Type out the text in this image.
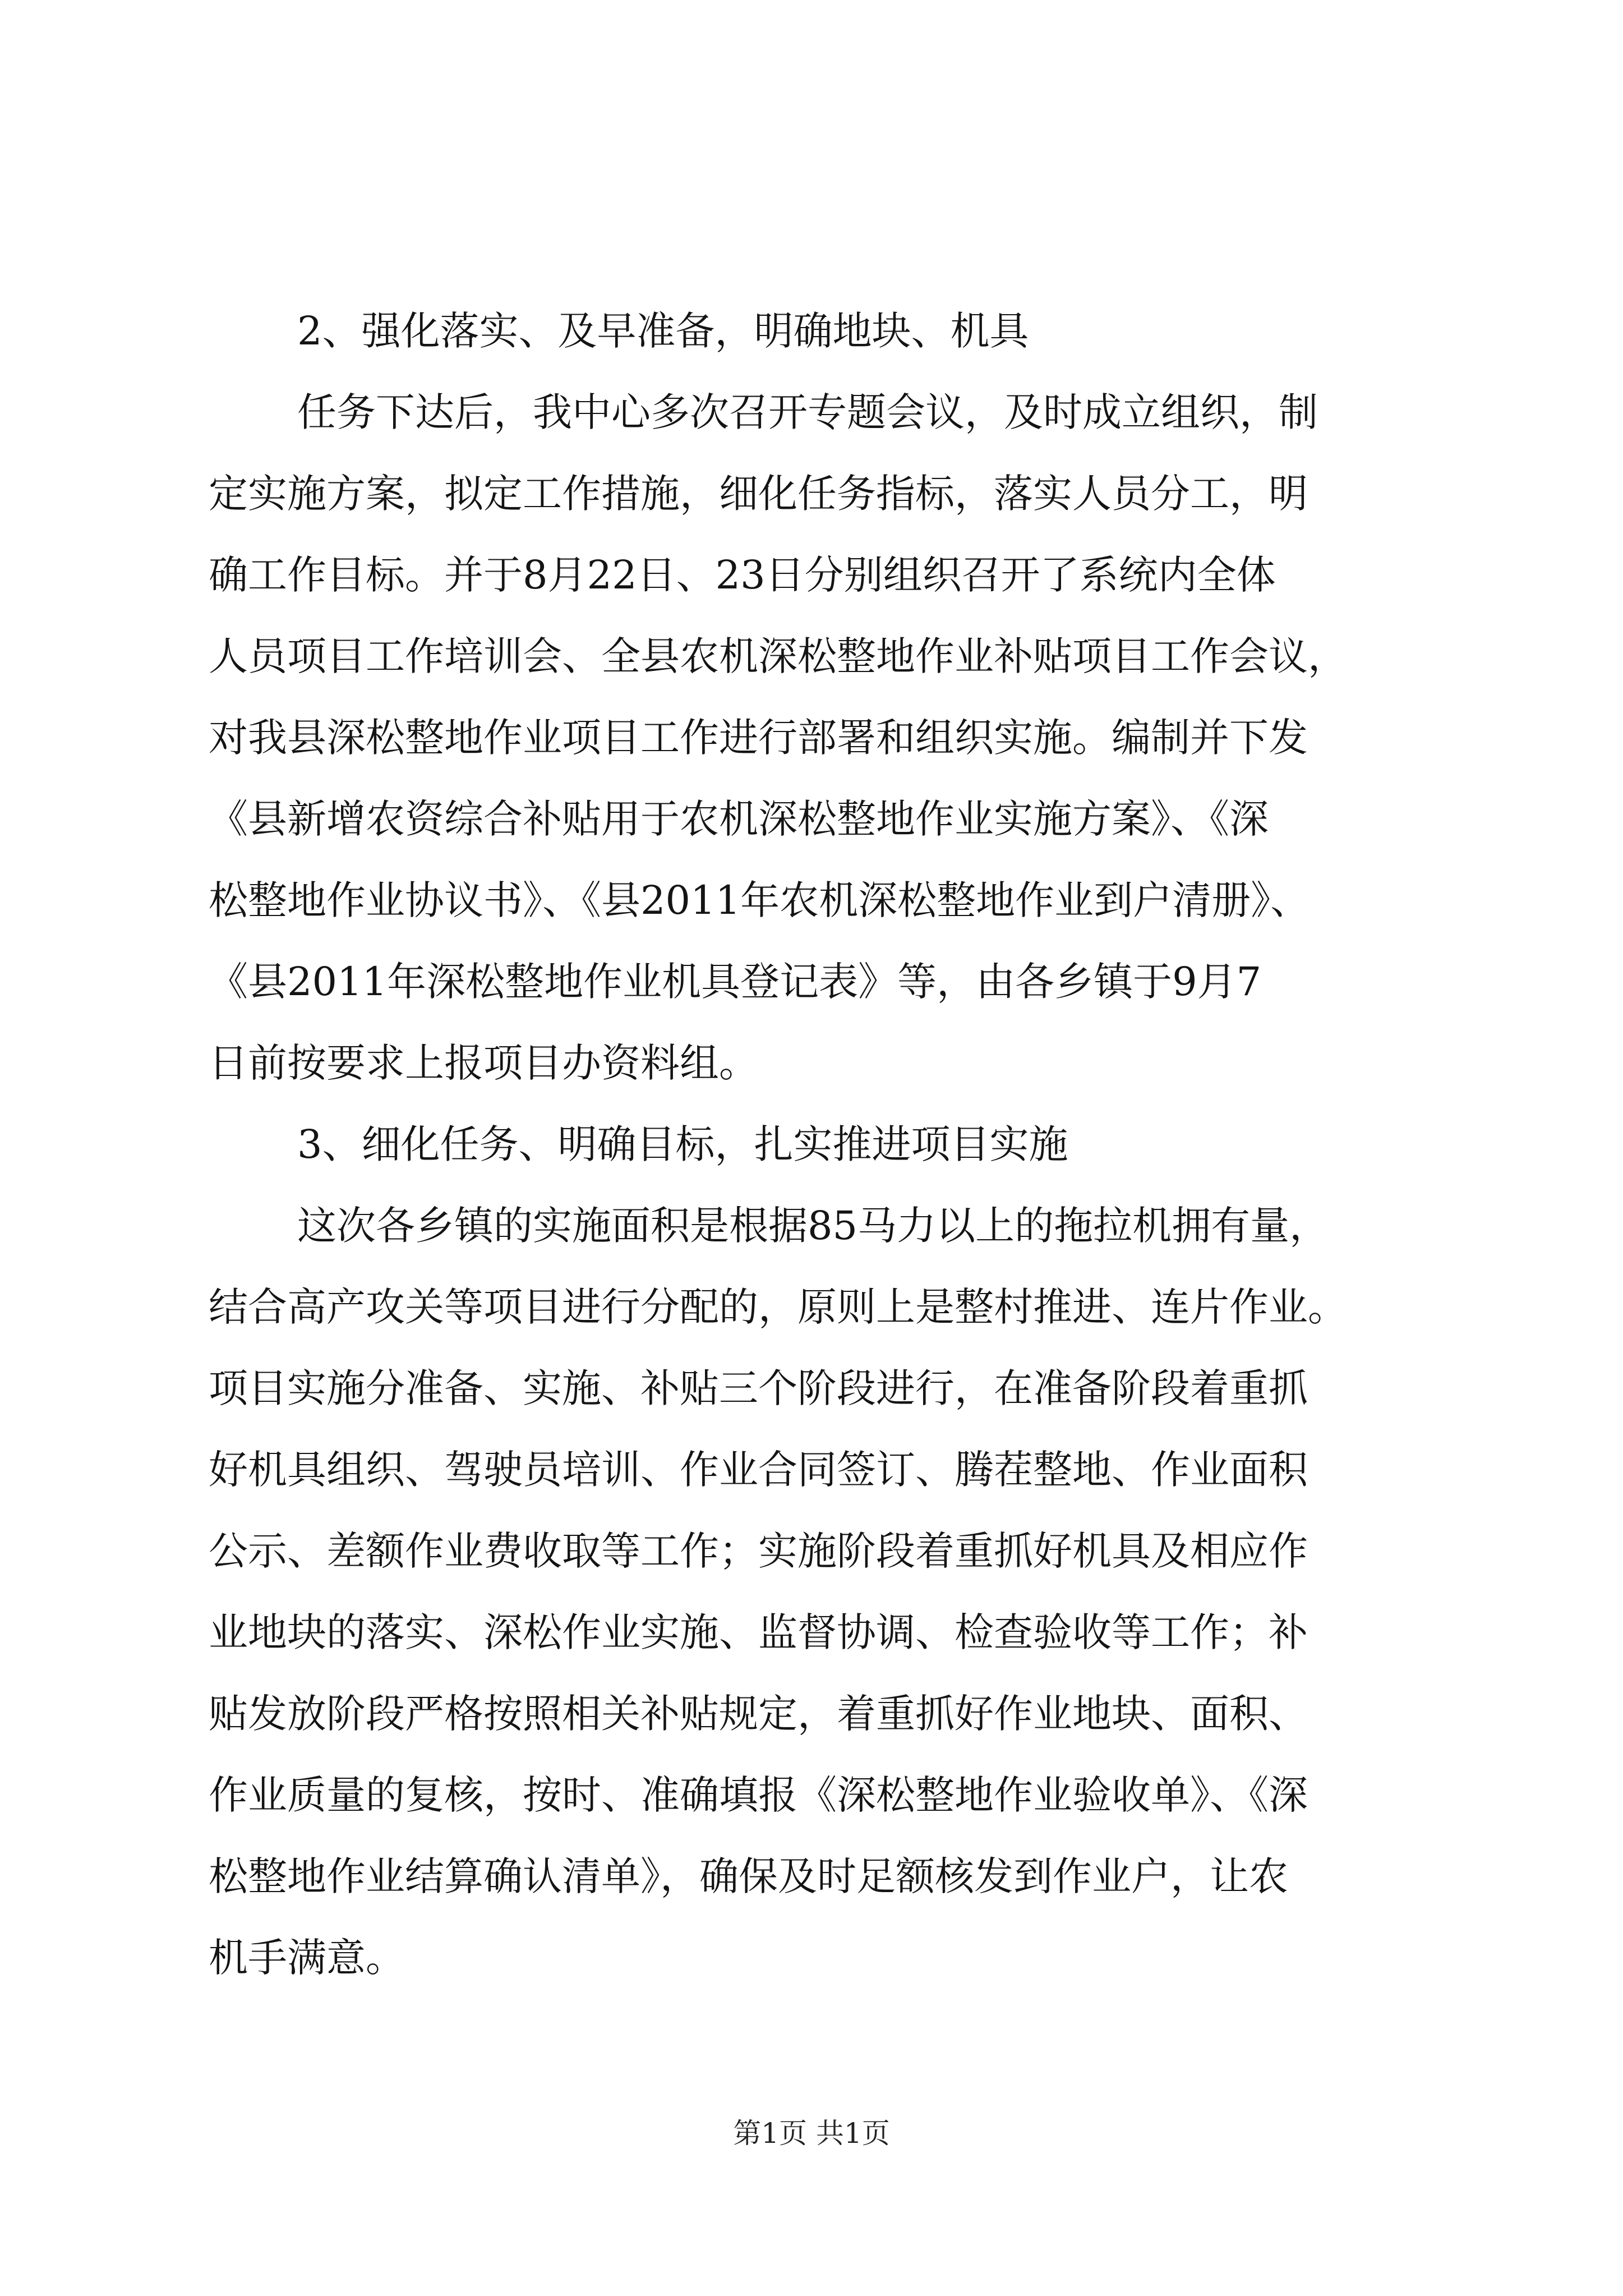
2、强化落实、及早准备，明确地块、机具

任务下达后，我中心多次召开专题会议，及时成立组织，制

定实施方案，拟定工作措施，细化任务指标，落实人员分工，明

确工作目标。并于8月22日、23日分别组织召开了系统内全体

人员项目工作培训会、全县农机深松整地作业补贴项目工作会议，

对我县深松整地作业项目工作进行部署和组织实施。编制并下发

《县新增农资综合补贴用于农机深松整地作业实施方案》、《深

松整地作业协议书》、《县2011年农机深松整地作业到户清册》、

《县2011年深松整地作业机具登记表》等，由各乡镇于9月7

日前按要求上报项目办资料组。

3、细化任务、明确目标，扎实推进项目实施

这次各乡镇的实施面积是根据85马力以上的拖拉机拥有量，

结合高产攻关等项目进行分配的，原则上是整村推进、连片作业。

项目实施分准备、实施、补贴三个阶段进行，在准备阶段着重抓

好机具组织、驾驶员培训、作业合同签订、腾茬整地、作业面积

公示、差额作业费收取等工作；实施阶段着重抓好机具及相应作

业地块的落实、深松作业实施、监督协调、检查验收等工作；补

贴发放阶段严格按照相关补贴规定，着重抓好作业地块、面积、

作业质量的复核，按时、准确填报《深松整地作业验收单》、《深

松整地作业结算确认清单》，确保及时足额核发到作业户，让农

机手满意。

第1页 共1页
